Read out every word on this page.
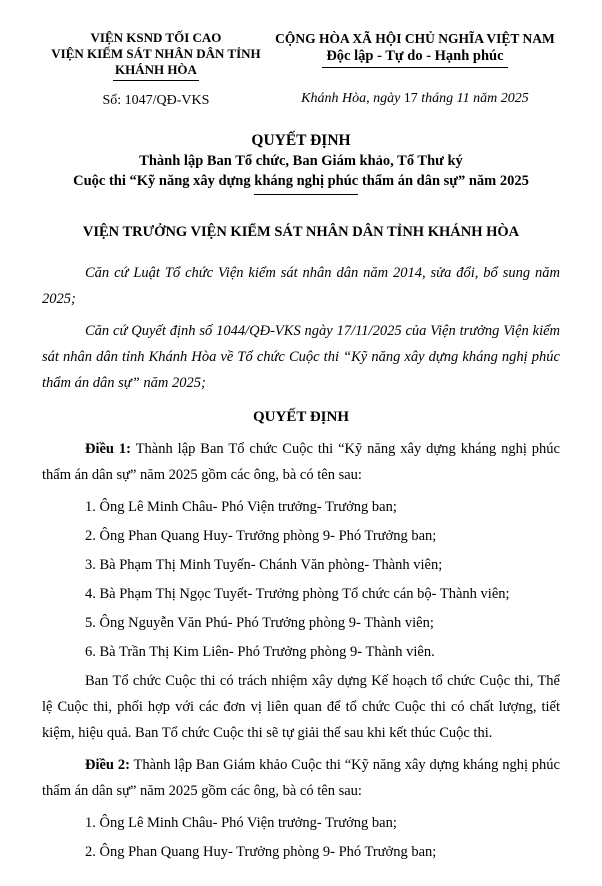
VIỆN KSND TỐI CAO
VIỆN KIỂM SÁT NHÂN DÂN TỈNH
KHÁNH HÒA
Số: 1047/QĐ-VKS
CỘNG HÒA XÃ HỘI CHỦ NGHĨA VIỆT NAM
Độc lập - Tự do - Hạnh phúc
Khánh Hòa, ngày 17 tháng 11 năm 2025
QUYẾT ĐỊNH
Thành lập Ban Tổ chức, Ban Giám khảo, Tổ Thư ký
Cuộc thi “Kỹ năng xây dựng kháng nghị phúc thẩm án dân sự” năm 2025
VIỆN TRƯỞNG VIỆN KIỂM SÁT NHÂN DÂN TỈNH KHÁNH HÒA

Căn cứ Luật Tổ chức Viện kiểm sát nhân dân năm 2014, sửa đổi, bổ sung năm 2025;

Căn cứ Quyết định số 1044/QĐ-VKS ngày 17/11/2025 của Viện trưởng Viện kiểm sát nhân dân tỉnh Khánh Hòa về Tổ chức Cuộc thi “Kỹ năng xây dựng kháng nghị phúc thẩm án dân sự” năm 2025;

QUYẾT ĐỊNH

Điều 1: Thành lập Ban Tổ chức Cuộc thi “Kỹ năng xây dựng kháng nghị phúc thẩm án dân sự” năm 2025 gồm các ông, bà có tên sau:

1. Ông Lê Minh Châu- Phó Viện trưởng- Trưởng ban;

2. Ông Phan Quang Huy- Trưởng phòng 9- Phó Trưởng ban;

3. Bà Phạm Thị Minh Tuyến- Chánh Văn phòng- Thành viên;

4. Bà Phạm Thị Ngọc Tuyết- Trưởng phòng Tổ chức cán bộ- Thành viên;

5. Ông Nguyễn Văn Phú- Phó Trưởng phòng 9- Thành viên;

6. Bà Trần Thị Kim Liên- Phó Trưởng phòng 9- Thành viên.

Ban Tổ chức Cuộc thi có trách nhiệm xây dựng Kế hoạch tổ chức Cuộc thi, Thể lệ Cuộc thi, phối hợp với các đơn vị liên quan để tổ chức Cuộc thi có chất lượng, tiết kiệm, hiệu quả. Ban Tổ chức Cuộc thi sẽ tự giải thể sau khi kết thúc Cuộc thi.

Điều 2: Thành lập Ban Giám khảo Cuộc thi “Kỹ năng xây dựng kháng nghị phúc thẩm án dân sự” năm 2025 gồm các ông, bà có tên sau:

1. Ông Lê Minh Châu- Phó Viện trưởng- Trưởng ban;

2. Ông Phan Quang Huy- Trưởng phòng 9- Phó Trưởng ban;
